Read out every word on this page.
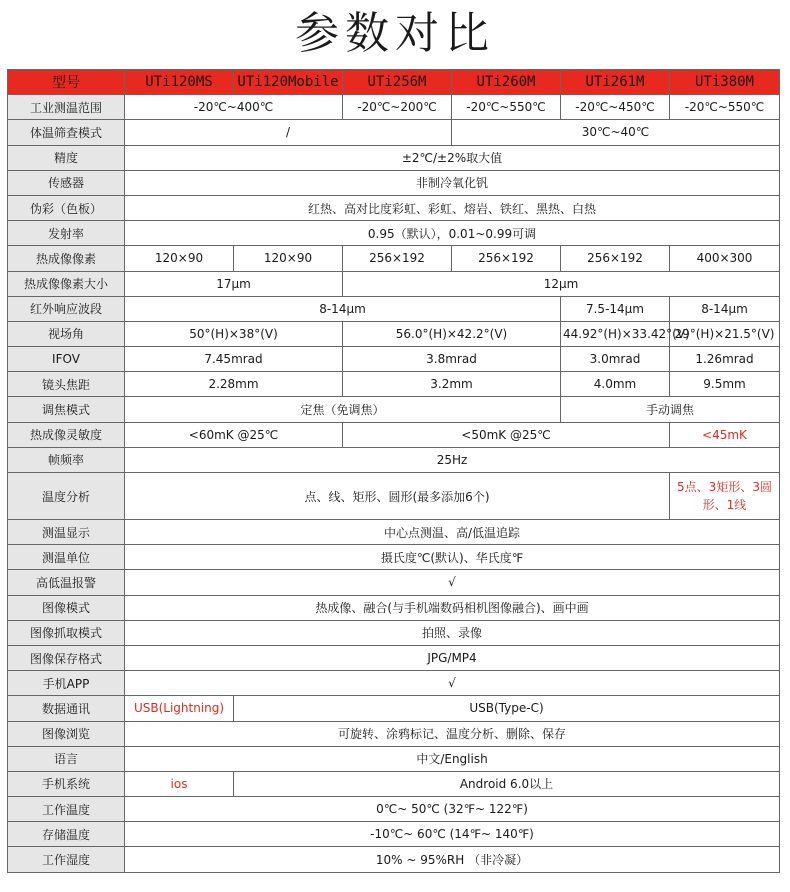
参数对比
型号	UTi120MS	UTi120Mobile	UTi256M	UTi260M	UTi261M	UTi380M
工业测温范围	-20℃~400℃		-20℃~200℃	-20℃~550℃	-20℃~450℃	-20℃~550℃
体温筛查模式	/			30℃~40℃		
精度	±2℃/±2%取大值					
传感器	非制冷氧化钒					
伪彩（色板）	红热、高对比度彩虹、彩虹、熔岩、铁红、黑热、白热					
发射率	0.95（默认），0.01~0.99可调					
热成像像素	120×90	120×90	256×192	256×192	256×192	400×300
热成像像素大小	17μm		12μm			
红外响应波段	8-14μm				7.5-14μm	8-14μm
视场角	50°(H)×38°(V)		56.0°(H)×42.2°(V)		44.92°(H)×33.42°(V)	29°(H)×21.5°(V)
IFOV	7.45mrad		3.8mrad		3.0mrad	1.26mrad
镜头焦距	2.28mm		3.2mm		4.0mm	9.5mm
调焦模式	定焦（免调焦）				手动调焦	
热成像灵敏度	<60mK @25℃		<50mK @25℃			<45mK
帧频率	25Hz					
温度分析	点、线、矩形、圆形(最多添加6个)					5点、3矩形、3圆形、1线
测温显示	中心点测温、高/低温追踪					
测温单位	摄氏度℃(默认)、华氏度℉					
高低温报警	√					
图像模式	热成像、融合(与手机端数码相机图像融合)、画中画					
图像抓取模式	拍照、录像					
图像保存格式	JPG/MP4					
手机APP	√					
数据通讯	USB(Lightning)	USB(Type-C)				
图像浏览	可旋转、涂鸦标记、温度分析、删除、保存					
语言	中文/English					
手机系统	ios	Android 6.0以上				
工作温度	0℃~ 50℃ (32℉~ 122℉)					
存储温度	-10℃~ 60℃ (14℉~ 140℉)					
工作湿度	10% ~ 95%RH （非冷凝）					
